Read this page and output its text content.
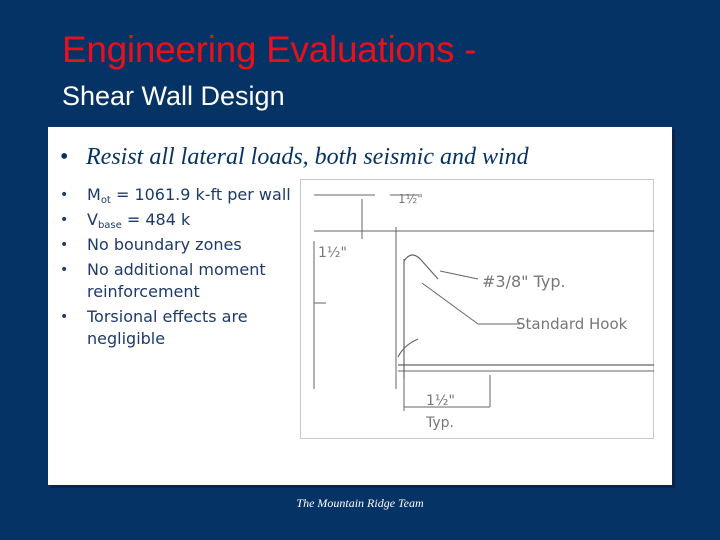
Engineering Evaluations -
Shear Wall Design
• Resist all lateral loads, both seismic and wind
• $M_{ot} = 1061.9$ k-ft per wall
• $V_{base} = 484$ k
• No boundary zones
• No additional moment reinforcement
• Torsional effects are negligible
1½"
1½"
#3/8" Typ.
Standard Hook
1½"
Typ.
The Mountain Ridge Team
